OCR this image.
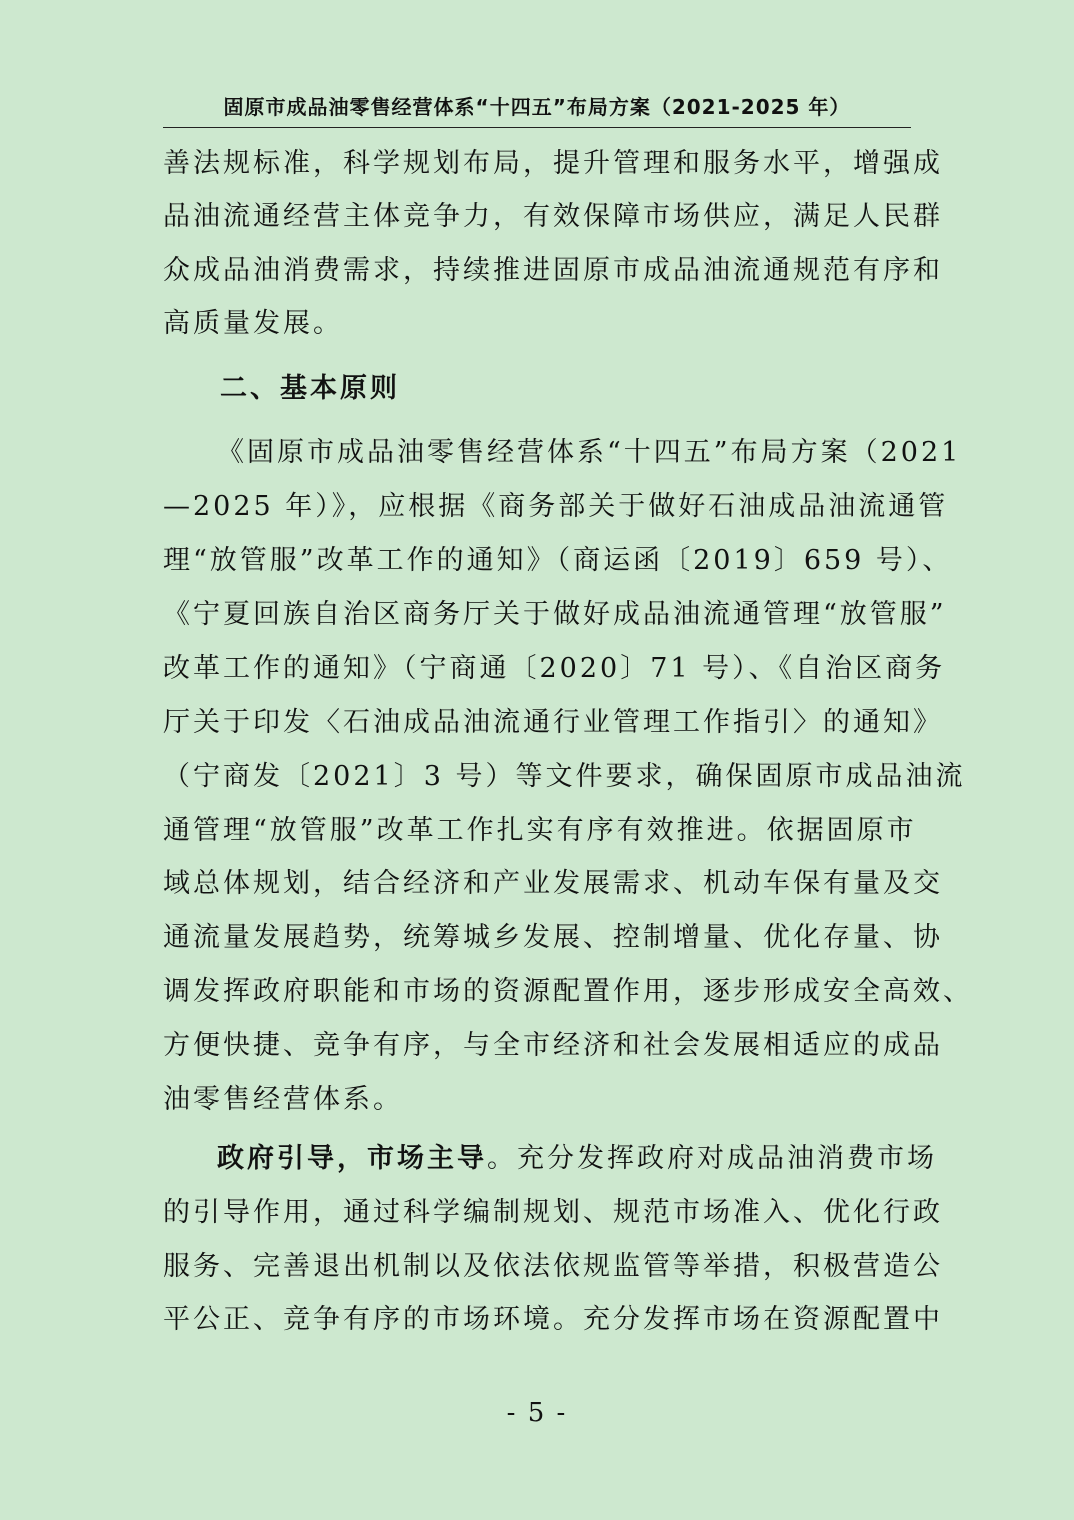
固原市成品油零售经营体系“十四五”布局方案（2021-2025 年）
善法规标准，科学规划布局，提升管理和服务水平，增强成
品油流通经营主体竞争力，有效保障市场供应，满足人民群
众成品油消费需求，持续推进固原市成品油流通规范有序和
高质量发展。
二、基本原则
《固原市成品油零售经营体系“十四五”布局方案（2021
—2025 年）》，应根据《商务部关于做好石油成品油流通管
理“放管服”改革工作的通知》（商运函〔2019〕659 号）、
《宁夏回族自治区商务厅关于做好成品油流通管理“放管服”
改革工作的通知》（宁商通〔2020〕71 号）、《自治区商务
厅关于印发〈石油成品油流通行业管理工作指引〉的通知》
（宁商发〔2021〕3 号）等文件要求，确保固原市成品油流
通管理“放管服”改革工作扎实有序有效推进。依据固原市
域总体规划，结合经济和产业发展需求、机动车保有量及交
通流量发展趋势，统筹城乡发展、控制增量、优化存量、协
调发挥政府职能和市场的资源配置作用，逐步形成安全高效、
方便快捷、竞争有序，与全市经济和社会发展相适应的成品
油零售经营体系。
政府引导，市场主导。充分发挥政府对成品油消费市场
的引导作用，通过科学编制规划、规范市场准入、优化行政
服务、完善退出机制以及依法依规监管等举措，积极营造公
平公正、竞争有序的市场环境。充分发挥市场在资源配置中
- 5 -
